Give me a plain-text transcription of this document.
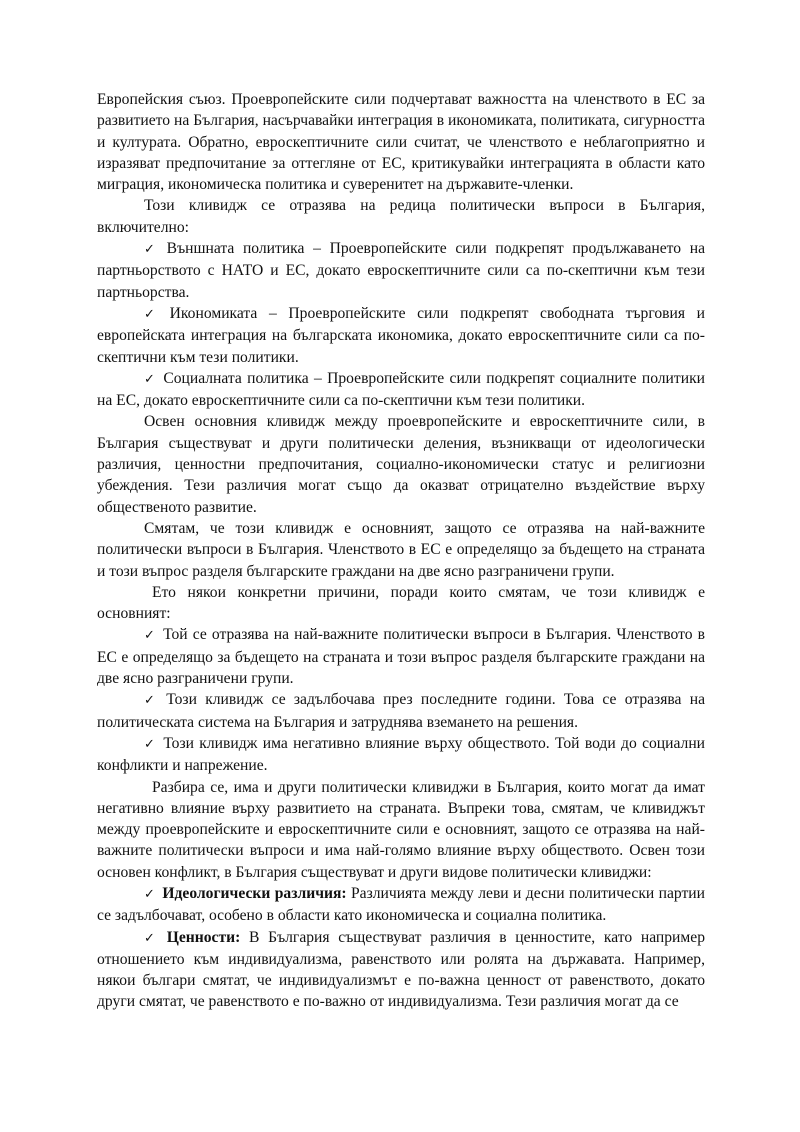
Европейския съюз. Проевропейските сили подчертават важността на членството в ЕС за развитието на България, насърчавайки интеграция в икономиката, политиката, сигурността и културата. Обратно, евроскептичните сили считат, че членството е неблагоприятно и изразяват предпочитание за оттегляне от ЕС, критикувайки интеграцията в области като миграция, икономическа политика и суверенитет на държавите-членки.

Този кливидж се отразява на редица политически въпроси в България, включително:

✓ Външната политика – Проевропейските сили подкрепят продължаването на партньорството с НАТО и ЕС, докато евроскептичните сили са по-скептични към тези партньорства.

✓ Икономиката – Проевропейските сили подкрепят свободната търговия и европейската интеграция на българската икономика, докато евроскептичните сили са по-скептични към тези политики.

✓ Социалната политика – Проевропейските сили подкрепят социалните политики на ЕС, докато евроскептичните сили са по-скептични към тези политики.

Освен основния кливидж между проевропейските и евроскептичните сили, в България съществуват и други политически деления, възникващи от идеологически различия, ценностни предпочитания, социално-икономически статус и религиозни убеждения. Тези различия могат също да оказват отрицателно въздействие върху общественото развитие.

Смятам, че този кливидж е основният, защото се отразява на най-важните политически въпроси в България. Членството в ЕС е определящо за бъдещето на страната и този въпрос разделя българските граждани на две ясно разграничени групи.

Ето някои конкретни причини, поради които смятам, че този кливидж е основният:

✓ Той се отразява на най-важните политически въпроси в България. Членството в ЕС е определящо за бъдещето на страната и този въпрос разделя българските граждани на две ясно разграничени групи.

✓ Този кливидж се задълбочава през последните години. Това се отразява на политическата система на България и затруднява вземането на решения.

✓ Този кливидж има негативно влияние върху обществото. Той води до социални конфликти и напрежение.

Разбира се, има и други политически кливиджи в България, които могат да имат негативно влияние върху развитието на страната. Въпреки това, смятам, че кливиджът между проевропейските и евроскептичните сили е основният, защото се отразява на най-важните политически въпроси и има най-голямо влияние върху обществото. Освен този основен конфликт, в България съществуват и други видове политически кливиджи:

✓ Идеологически различия: Различията между леви и десни политически партии се задълбочават, особено в области като икономическа и социална политика.

✓ Ценности: В България съществуват различия в ценностите, като например отношението към индивидуализма, равенството или ролята на държавата. Например, някои българи смятат, че индивидуализмът е по-важна ценност от равенството, докато други смятат, че равенството е по-важно от индивидуализма. Тези различия могат да се
